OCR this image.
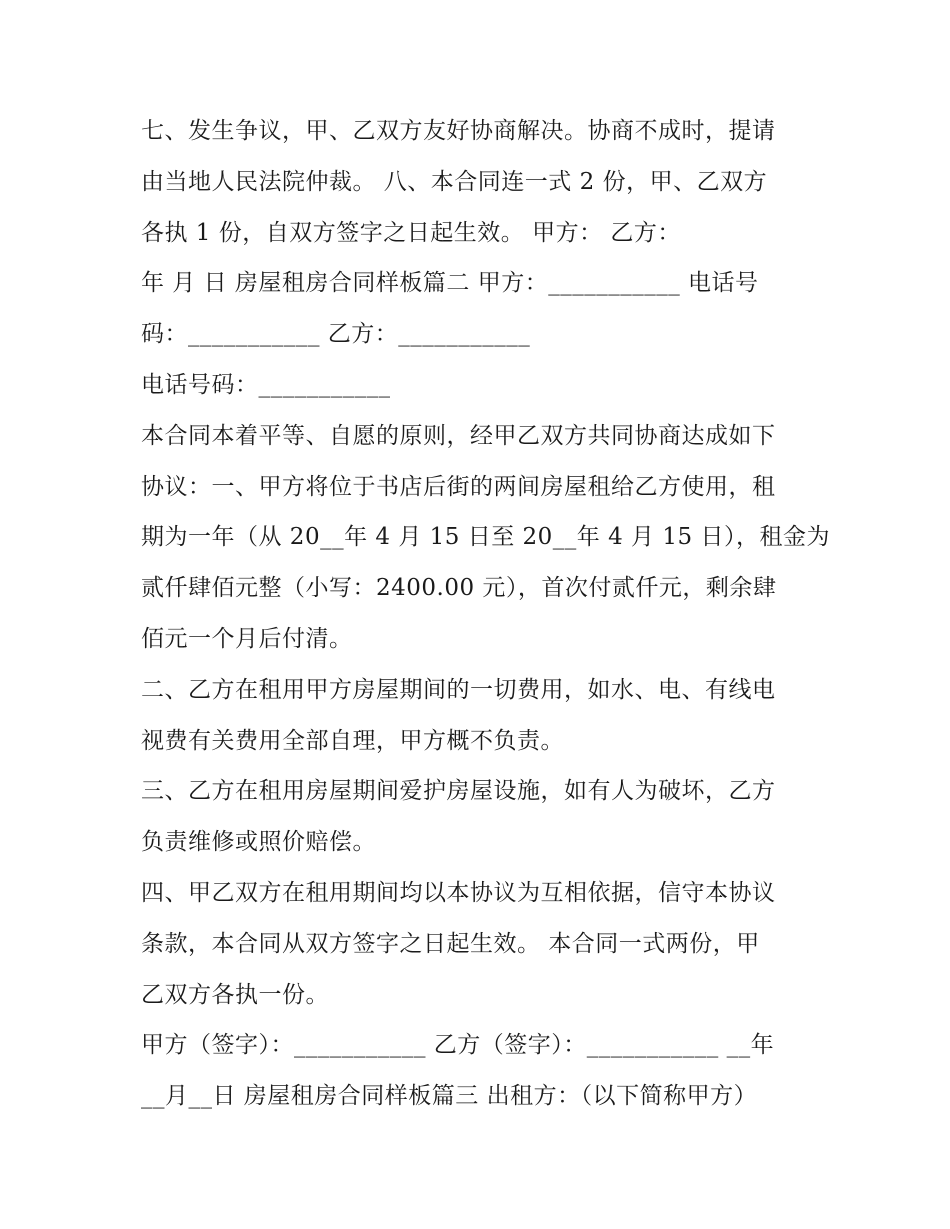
七、发生争议，甲、乙双方友好协商解决。协商不成时，提请
由当地人民法院仲裁。 八、本合同连一式 2 份，甲、乙双方
各执 1 份，自双方签字之日起生效。 甲方： 乙方：
年 月 日 房屋租房合同样板篇二 甲方：___________ 电话号
码：___________ 乙方：___________
电话号码：___________
本合同本着平等、自愿的原则，经甲乙双方共同协商达成如下
协议：一、甲方将位于书店后街的两间房屋租给乙方使用，租
期为一年（从 20__年 4 月 15 日至 20__年 4 月 15 日），租金为
贰仟肆佰元整（小写：2400.00 元），首次付贰仟元，剩余肆
佰元一个月后付清。
二、乙方在租用甲方房屋期间的一切费用，如水、电、有线电
视费有关费用全部自理，甲方概不负责。
三、乙方在租用房屋期间爱护房屋设施，如有人为破坏，乙方
负责维修或照价赔偿。
四、甲乙双方在租用期间均以本协议为互相依据，信守本协议
条款，本合同从双方签字之日起生效。 本合同一式两份，甲
乙双方各执一份。
甲方（签字）：___________ 乙方（签字）：___________ __年
__月__日 房屋租房合同样板篇三 出租方：（以下简称甲方）
